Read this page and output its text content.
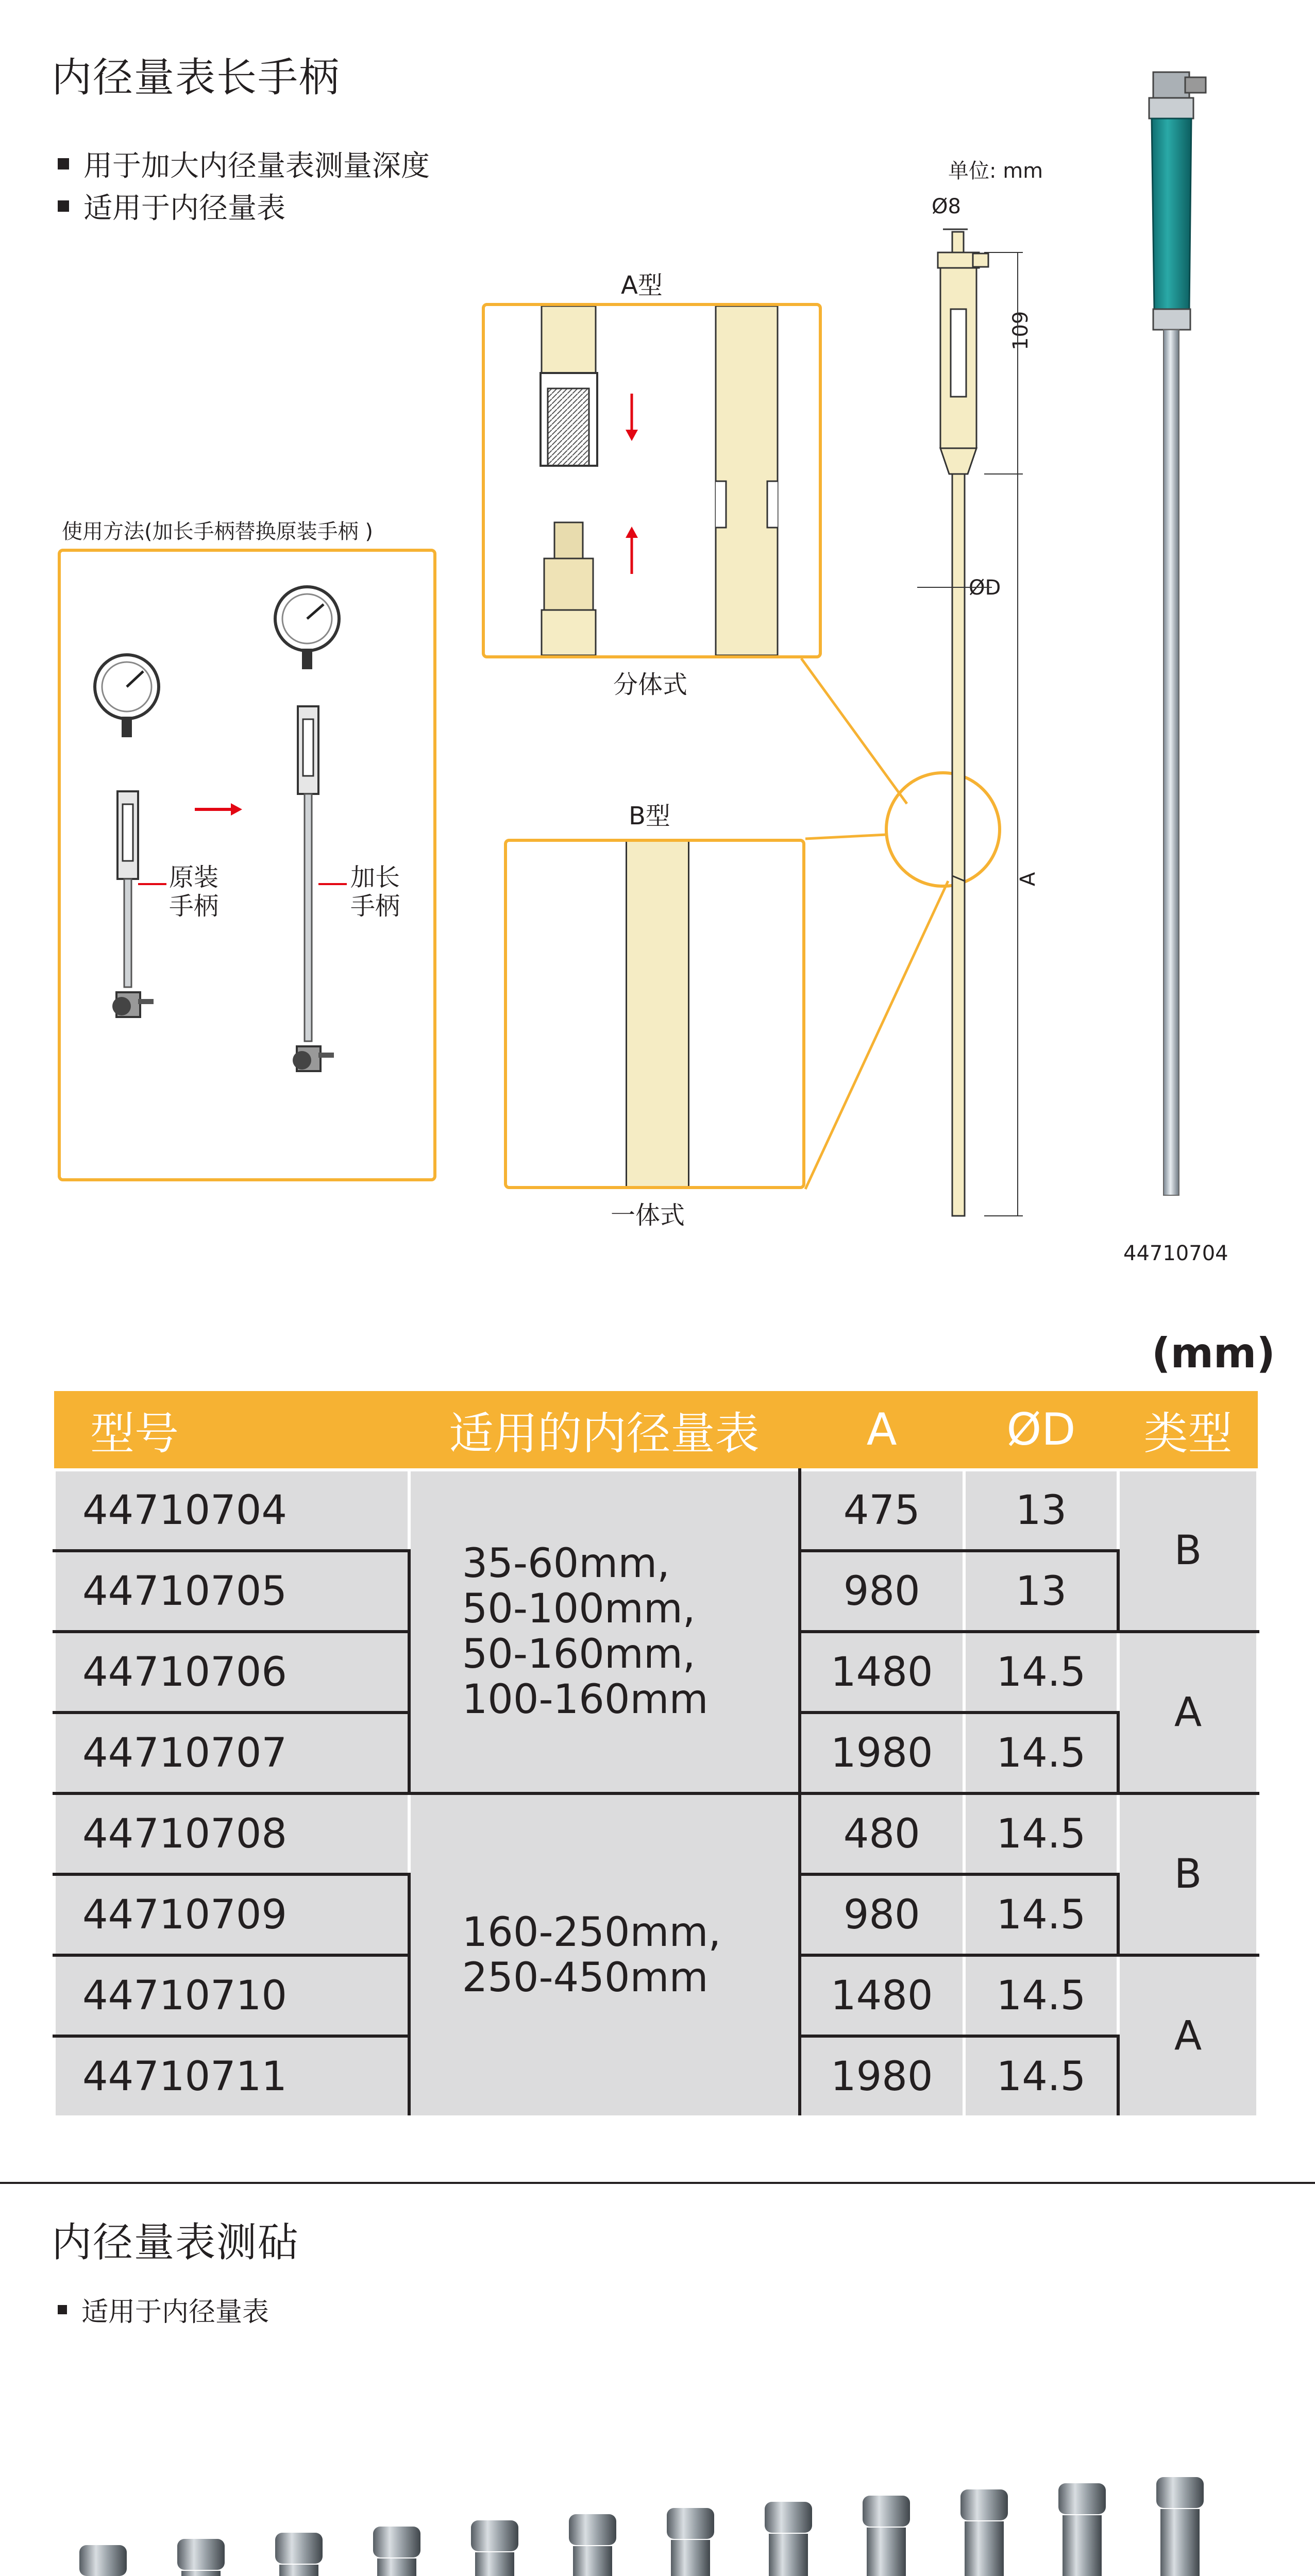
内径量表长手柄
用于加大内径量表测量深度
适用于内径量表
使用方法(加长手柄替换原装手柄 )
原装
手柄
加长
手柄
A型
分体式
B型
一体式
单位: mm
Ø8
109
ØD
A
44710704
(mm)
型号	适用的内径量表	A	ØD	类型
44710704	35-60mm,
50-100mm,
50-160mm,
100-160mm	475	13	B
44710705		980	13	
44710706		1480	14.5	A
44710707		1980	14.5	
44710708	160-250mm,
250-450mm	480	14.5	B
44710709		980	14.5	
44710710		1480	14.5	A
44710711		1980	14.5	
内径量表测砧
适用于内径量表
